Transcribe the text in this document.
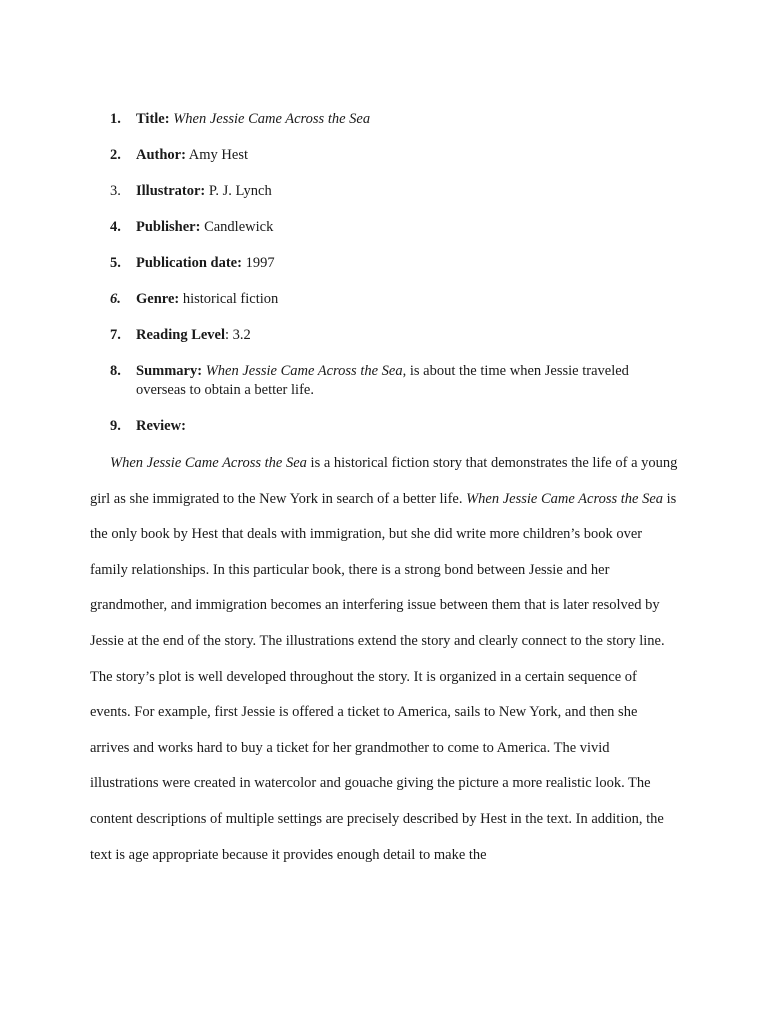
1.	Title: When Jessie Came Across the Sea
2.	Author: Amy Hest
3.	Illustrator: P. J. Lynch
4.	Publisher: Candlewick
5.	Publication date: 1997
6.	Genre: historical fiction
7.	Reading Level: 3.2
8.	Summary: When Jessie Came Across the Sea, is about the time when Jessie traveled overseas to obtain a better life.
9.	Review:

When Jessie Came Across the Sea is a historical fiction story that demonstrates the life of a young girl as she immigrated to the New York in search of a better life. When Jessie Came Across the Sea is the only book by Hest that deals with immigration, but she did write more children’s book over family relationships. In this particular book, there is a strong bond between Jessie and her grandmother, and immigration becomes an interfering issue between them that is later resolved by Jessie at the end of the story. The illustrations extend the story and clearly connect to the story line. The story’s plot is well developed throughout the story. It is organized in a certain sequence of events. For example, first Jessie is offered a ticket to America, sails to New York, and then she arrives and works hard to buy a ticket for her grandmother to come to America. The vivid illustrations were created in watercolor and gouache giving the picture a more realistic look. The content descriptions of multiple settings are precisely described by Hest in the text. In addition, the text is age appropriate because it provides enough detail to make the
